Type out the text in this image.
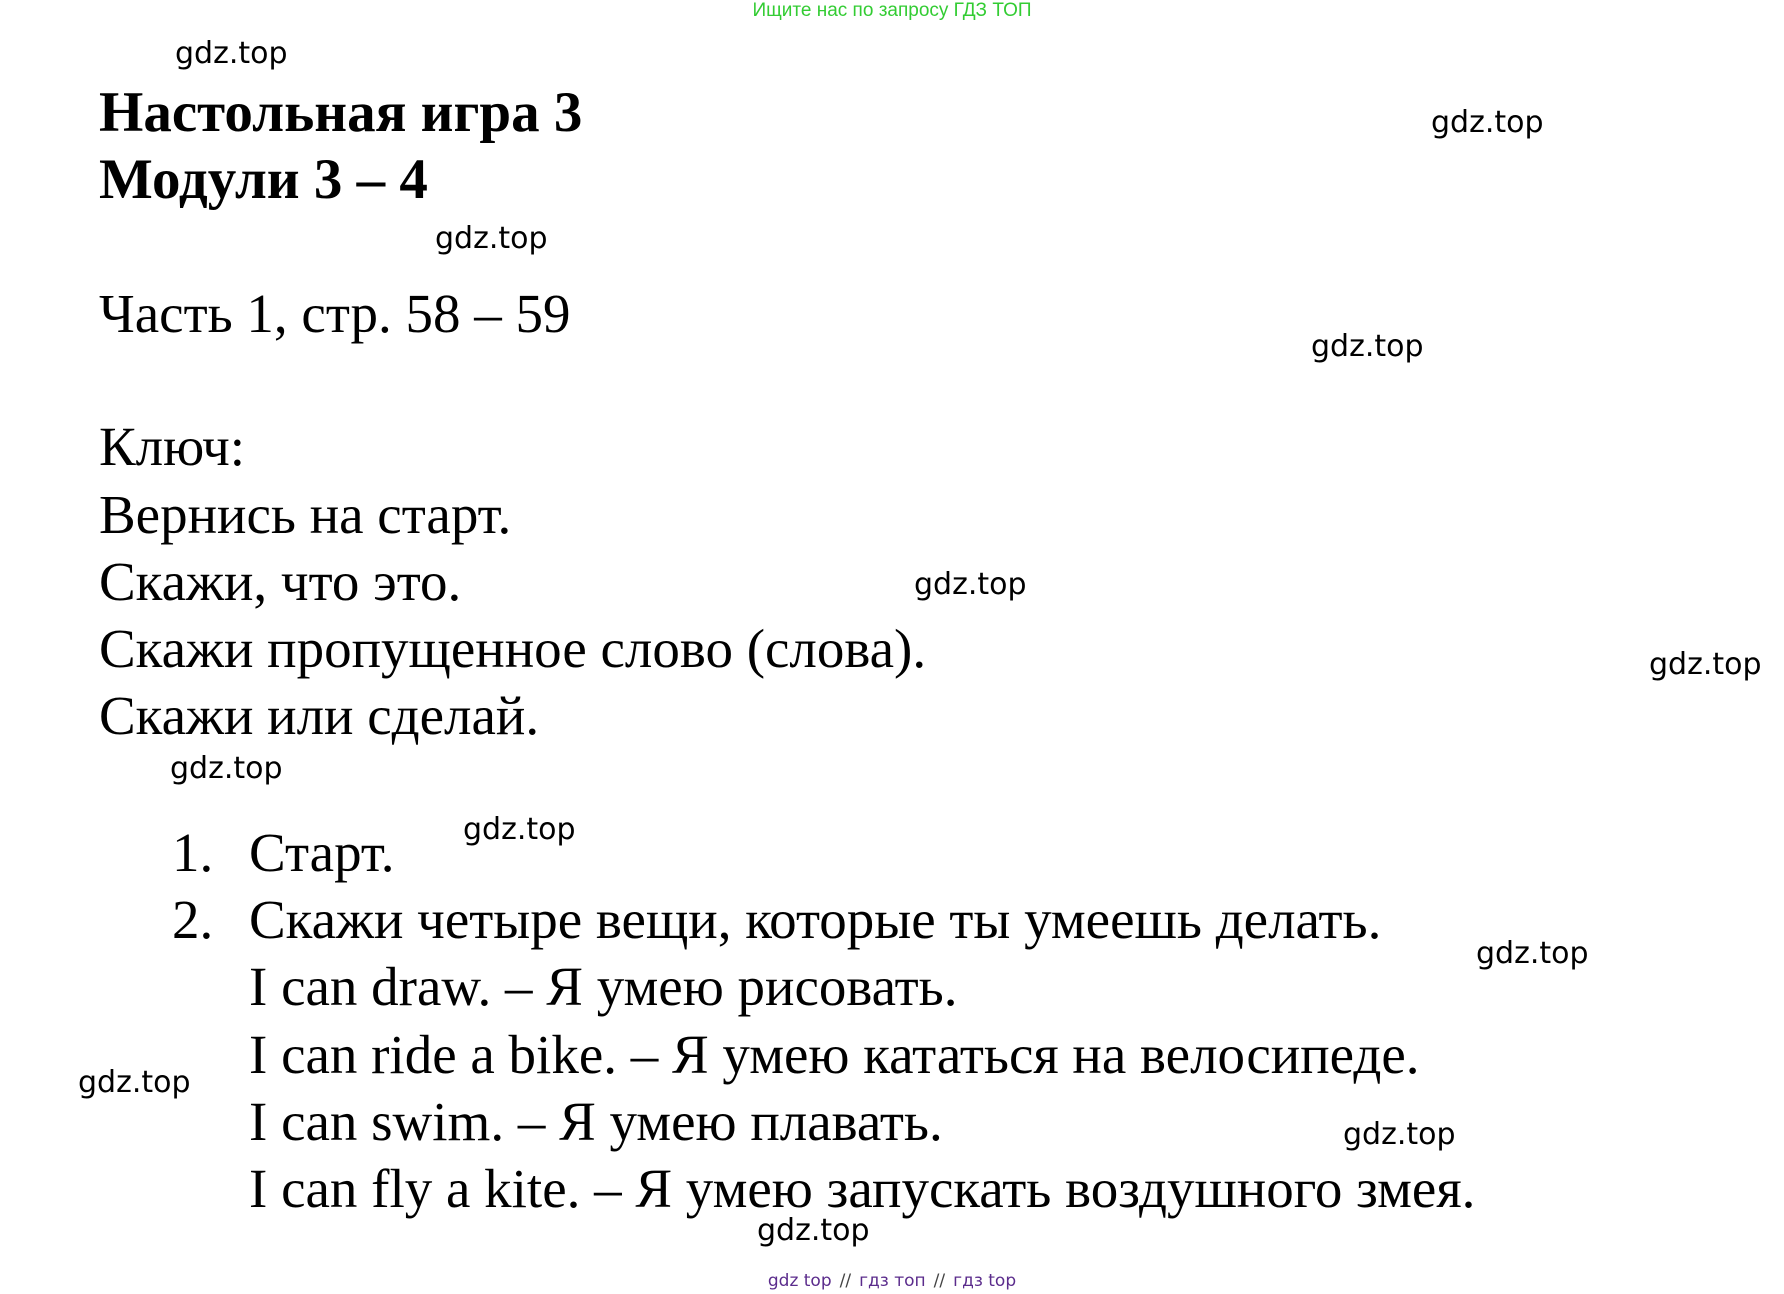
Ищите нас по запросу ГДЗ ТОП
gdz.top
gdz.top
gdz.top
gdz.top
gdz.top
gdz.top
gdz.top
gdz.top
gdz.top
gdz.top
gdz.top
gdz.top
Настольная игра 3
Модули 3 – 4
Часть 1, стр. 58 – 59
Ключ:
Вернись на старт.
Скажи, что это.
Скажи пропущенное слово (слова).
Скажи или сделай.
1. Старт.
2. Скажи четыре вещи, которые ты умеешь делать.
I can draw. – Я умею рисовать.
I can ride a bike. – Я умею кататься на велосипеде.
I can swim. – Я умею плавать.
I can fly a kite. – Я умею запускать воздушного змея.
gdz top // гдз топ // гдз top
